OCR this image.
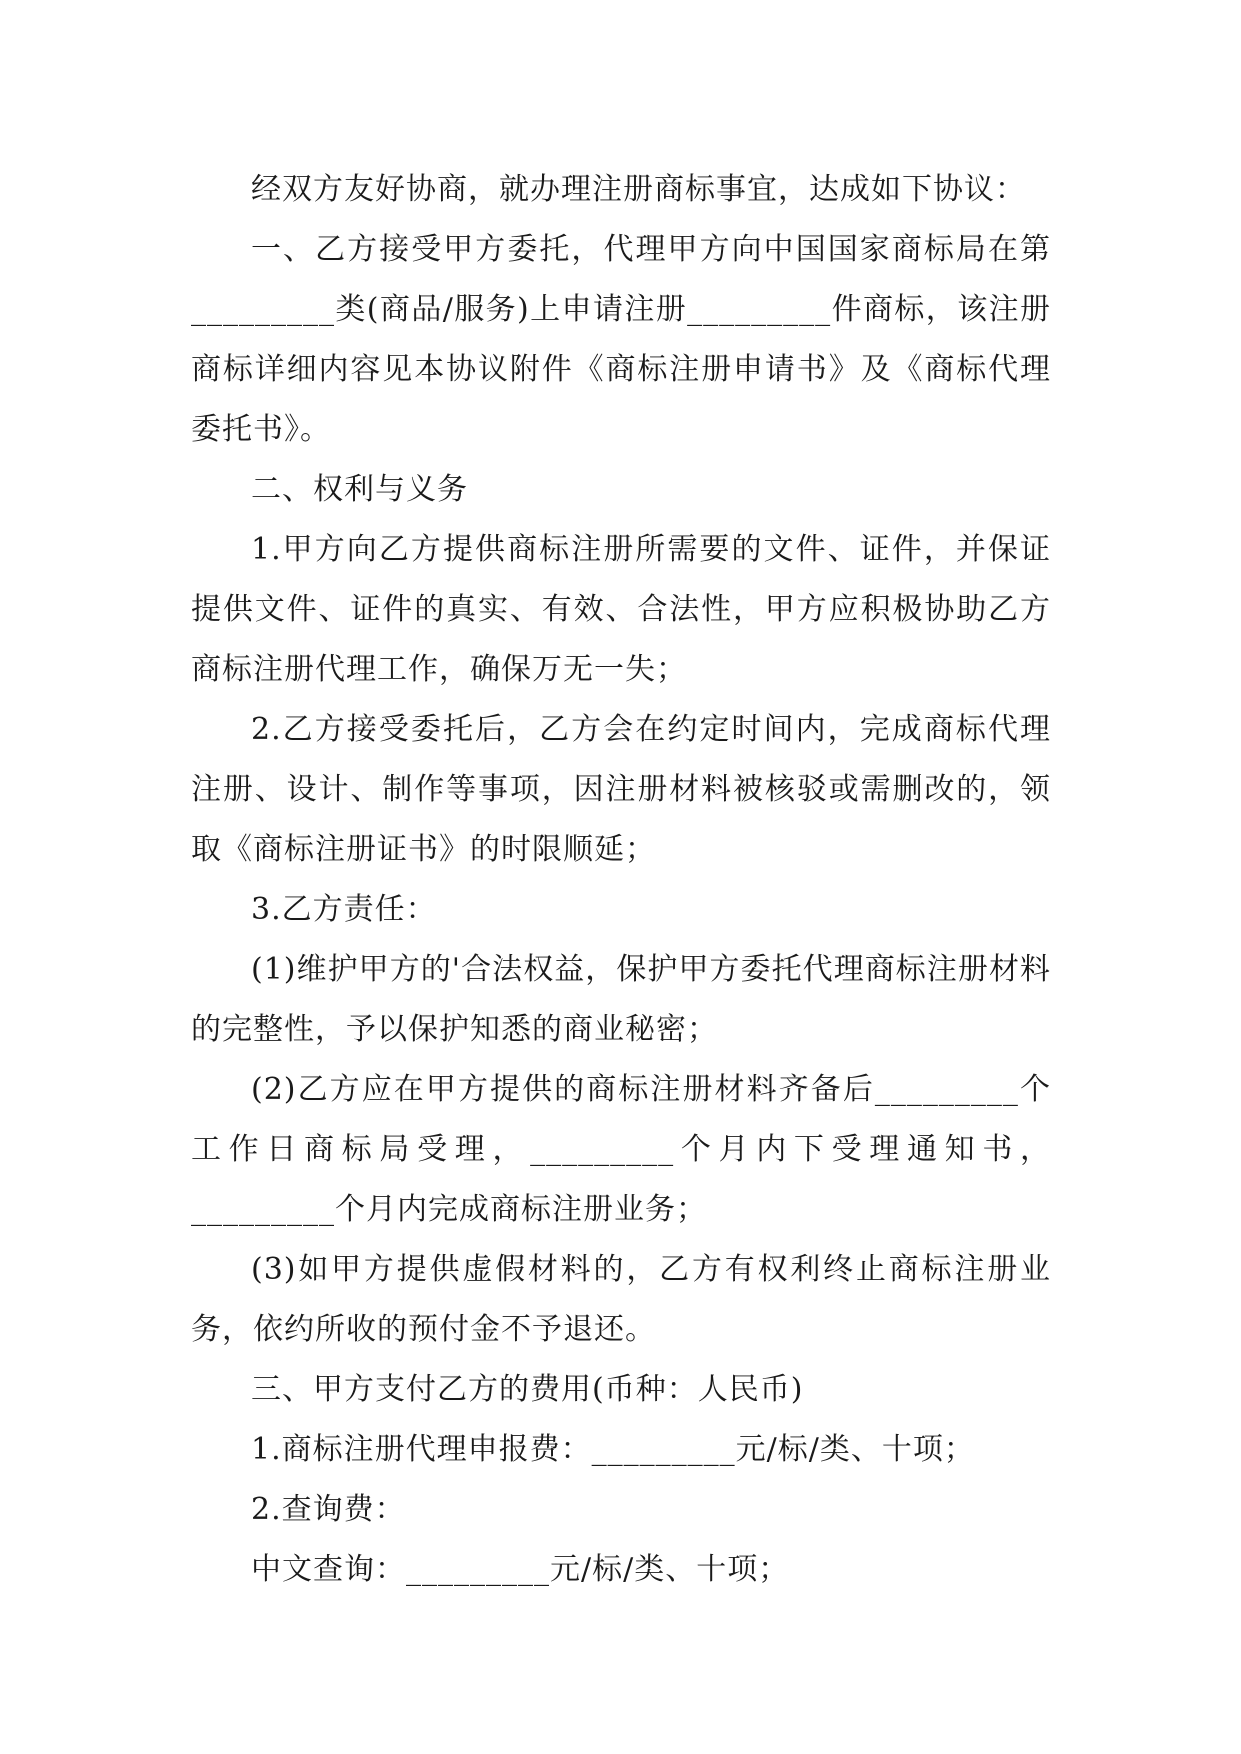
经双方友好协商，就办理注册商标事宜，达成如下协议：

一、乙方接受甲方委托，代理甲方向中国国家商标局在第_________类(商品/服务)上申请注册_________件商标，该注册商标详细内容见本协议附件《商标注册申请书》及《商标代理委托书》。

二、权利与义务

1.甲方向乙方提供商标注册所需要的文件、证件，并保证提供文件、证件的真实、有效、合法性，甲方应积极协助乙方商标注册代理工作，确保万无一失；

2.乙方接受委托后，乙方会在约定时间内，完成商标代理注册、设计、制作等事项，因注册材料被核驳或需删改的，领取《商标注册证书》的时限顺延；

3.乙方责任：

(1)维护甲方的'合法权益，保护甲方委托代理商标注册材料的完整性，予以保护知悉的商业秘密；

(2)乙方应在甲方提供的商标注册材料齐备后_________个工作日商标局受理，_________个月内下受理通知书，_________个月内完成商标注册业务；

(3)如甲方提供虚假材料的，乙方有权利终止商标注册业务，依约所收的预付金不予退还。

三、甲方支付乙方的费用(币种：人民币)

1.商标注册代理申报费：_________元/标/类、十项；

2.查询费：

中文查询：_________元/标/类、十项；
